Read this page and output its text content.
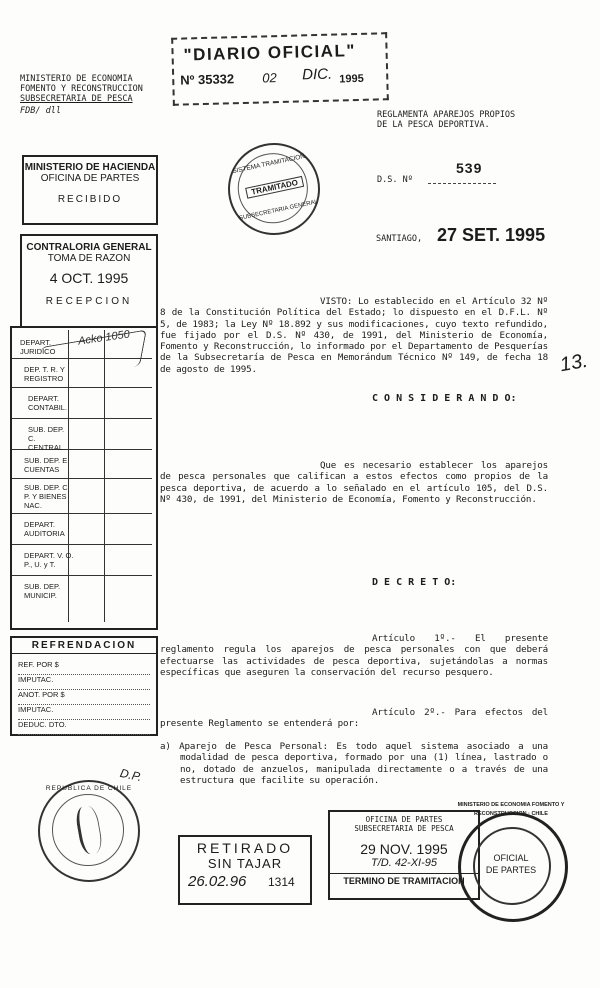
"DIARIO OFICIAL"
Nº 35332 02 DIC. 1995
MINISTERIO DE ECONOMIA
FOMENTO Y RECONSTRUCCION
SUBSECRETARIA DE PESCA
FDB/ dll	REGLAMENTA APAREJOS PROPIOS
DE LA PESCA DEPORTIVA.
D.S. Nº
539
SANTIAGO, 27 SET. 1995
MINISTERIO DE HACIENDA
OFICINA DE PARTES
RECIBIDO
SISTEMA TRAMITACION
TRAMITADO
SUBSECRETARIA GENERAL
CONTRALORIA GENERAL
TOMA DE RAZON
4 OCT. 1995
RECEPCION
DEPART. JURIDICO
DEP. T. R. Y REGISTRO
DEPART. CONTABIL.
SUB. DEP. C. CENTRAL
SUB. DEP. E. CUENTAS
SUB. DEP. C. P. Y BIENES NAC.
DEPART. AUDITORIA
DEPART. V. O. P., U. y T.
SUB. DEP. MUNICIP.
Acko 1050
REFRENDACION
REF. POR $
IMPUTAC.
ANOT. POR $
IMPUTAC.
DEDUC. DTO.
VISTO: Lo establecido en el Artículo 32 Nº 8 de la Constitución Política del Estado; lo dispuesto en el D.F.L. Nº 5, de 1983; la Ley Nº 18.892 y sus modificaciones, cuyo texto refundido, fue fijado por el D.S. Nº 430, de 1991, del Ministerio de Economía, Fomento y Reconstrucción, lo informado por el Departamento de Pesquerías de la Subsecretaría de Pesca en Memorándum Técnico Nº 149, de fecha 18 de agosto de 1995.
C O N S I D E R A N D O:
Que es necesario establecer los aparejos de pesca personales que califican a estos efectos como propios de la pesca deportiva, de acuerdo a lo señalado en el artículo 105, del D.S. Nº 430, de 1991, del Ministerio de Economía, Fomento y Reconstrucción.
D E C R E T O:
Artículo 1º.- El presente reglamento regula los aparejos de pesca personales con que deberá efectuarse las actividades de pesca deportiva, sujetándolas a normas específicas que aseguren la conservación del recurso pesquero.
Artículo 2º.- Para efectos del presente Reglamento se entenderá por:
a) Aparejo de Pesca Personal: Es todo aquel sistema asociado a una modalidad de pesca deportiva, formado por una (1) línea, lastrado o no, dotado de anzuelos, manipulada directamente o a través de una estructura que facilite su operación.
13.
D.P.
REPUBLICA DE CHILE
RETIRADO
SIN TAJAR
26.02.96 1314
OFICINA DE PARTES
SUBSECRETARIA DE PESCA
29 NOV. 1995
T/D. 42-XI-95
TERMINO DE TRAMITACION
OFICIAL
DE PARTES
MINISTERIO DE ECONOMIA FOMENTO Y RECONSTRUCCION · CHILE
